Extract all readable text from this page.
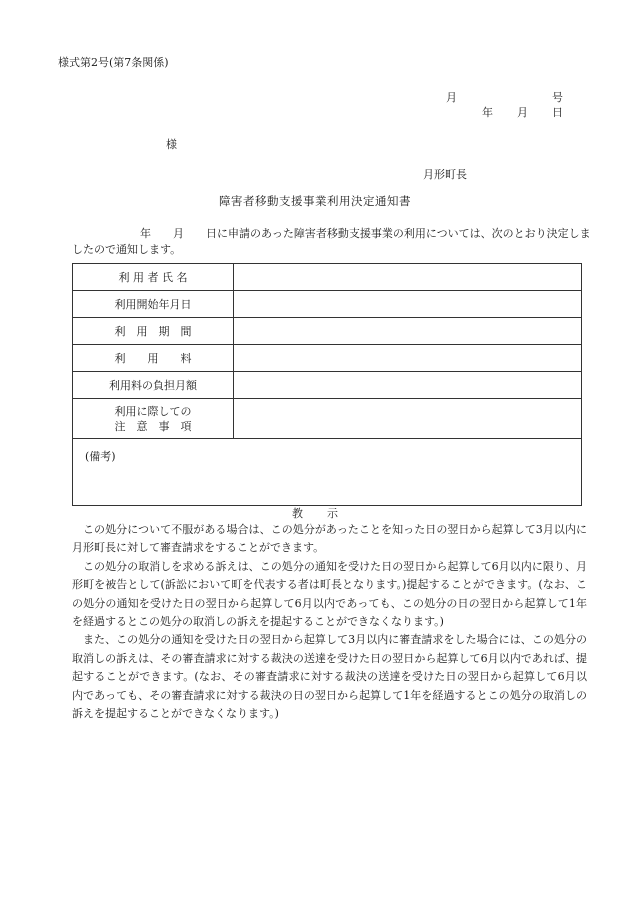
様式第2号(第7条関係)
月	号
年 月 日
様
月形町長
障害者移動支援事業利用決定通知書
年 月 日に申請のあった障害者移動支援事業の利用については、次のとおり決定しましたので通知します。
利 用 者 氏 名	
利用開始年月日	
利　用　期　間	
利　　用　　料	
利用料の負担月額	

利用に際しての
注　意　事　項	

(備考)	
教示

この処分について不服がある場合は、この処分があったことを知った日の翌日から起算して3月以内に月形町長に対して審査請求をすることができます。

この処分の取消しを求める訴えは、この処分の通知を受けた日の翌日から起算して6月以内に限り、月形町を被告として(訴訟において町を代表する者は町長となります。)提起することができます。(なお、この処分の通知を受けた日の翌日から起算して6月以内であっても、この処分の日の翌日から起算して1年を経過するとこの処分の取消しの訴えを提起することができなくなります。)

また、この処分の通知を受けた日の翌日から起算して3月以内に審査請求をした場合には、この処分の取消しの訴えは、その審査請求に対する裁決の送達を受けた日の翌日から起算して6月以内であれば、提起することができます。(なお、その審査請求に対する裁決の送達を受けた日の翌日から起算して6月以内であっても、その審査請求に対する裁決の日の翌日から起算して1年を経過するとこの処分の取消しの訴えを提起することができなくなります。)
